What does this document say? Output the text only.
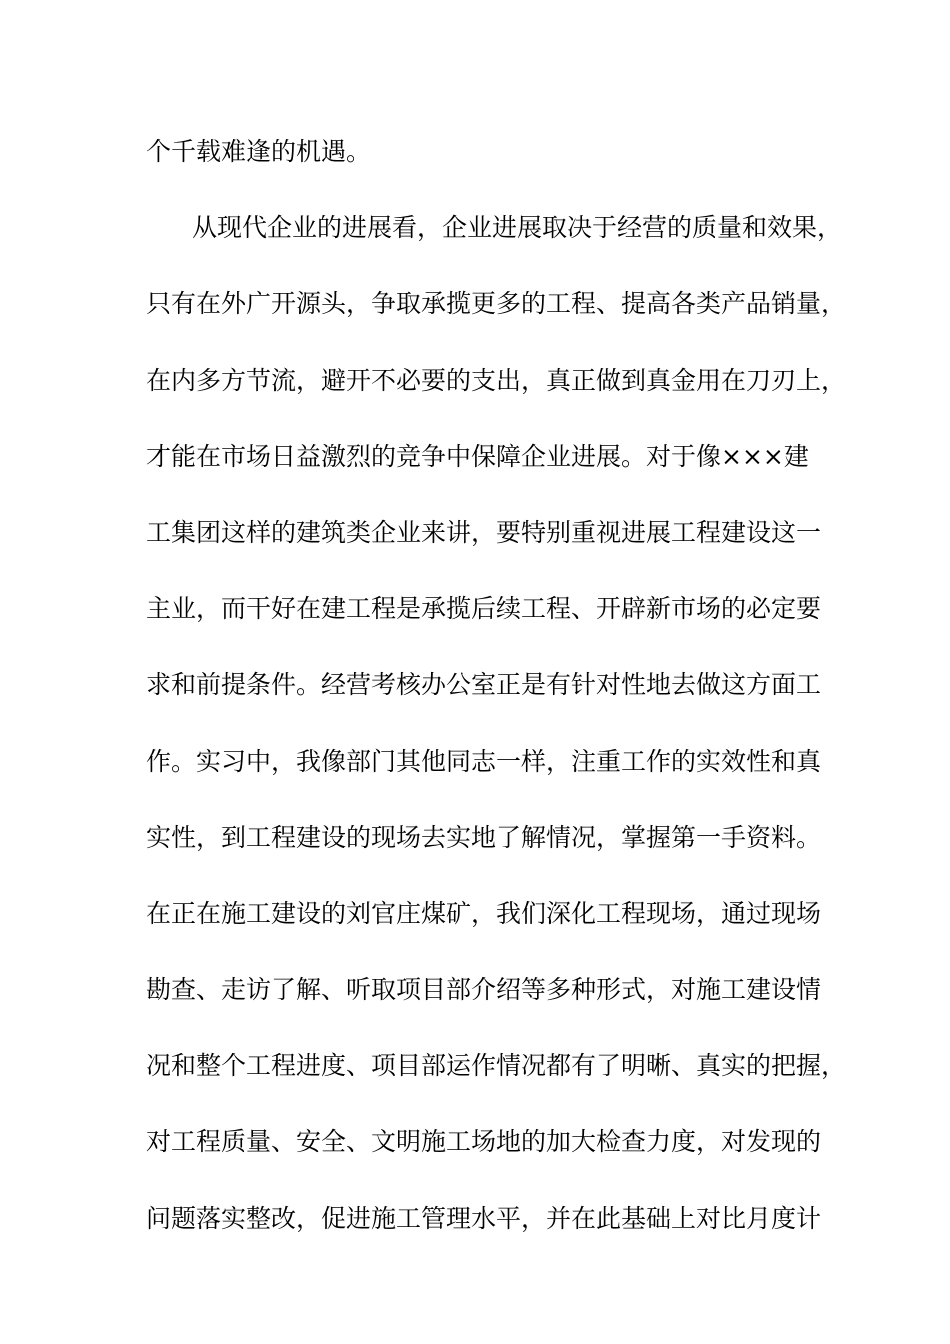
个千载难逢的机遇。
从现代企业的进展看，企业进展取决于经营的质量和效果，
只有在外广开源头，争取承揽更多的工程、提高各类产品销量，
在内多方节流，避开不必要的支出，真正做到真金用在刀刃上，
才能在市场日益激烈的竞争中保障企业进展。对于像×××建
工集团这样的建筑类企业来讲，要特别重视进展工程建设这一
主业，而干好在建工程是承揽后续工程、开辟新市场的必定要
求和前提条件。经营考核办公室正是有针对性地去做这方面工
作。实习中，我像部门其他同志一样，注重工作的实效性和真
实性，到工程建设的现场去实地了解情况，掌握第一手资料。
在正在施工建设的刘官庄煤矿，我们深化工程现场，通过现场
勘查、走访了解、听取项目部介绍等多种形式，对施工建设情
况和整个工程进度、项目部运作情况都有了明晰、真实的把握，
对工程质量、安全、文明施工场地的加大检查力度，对发现的
问题落实整改，促进施工管理水平，并在此基础上对比月度计
